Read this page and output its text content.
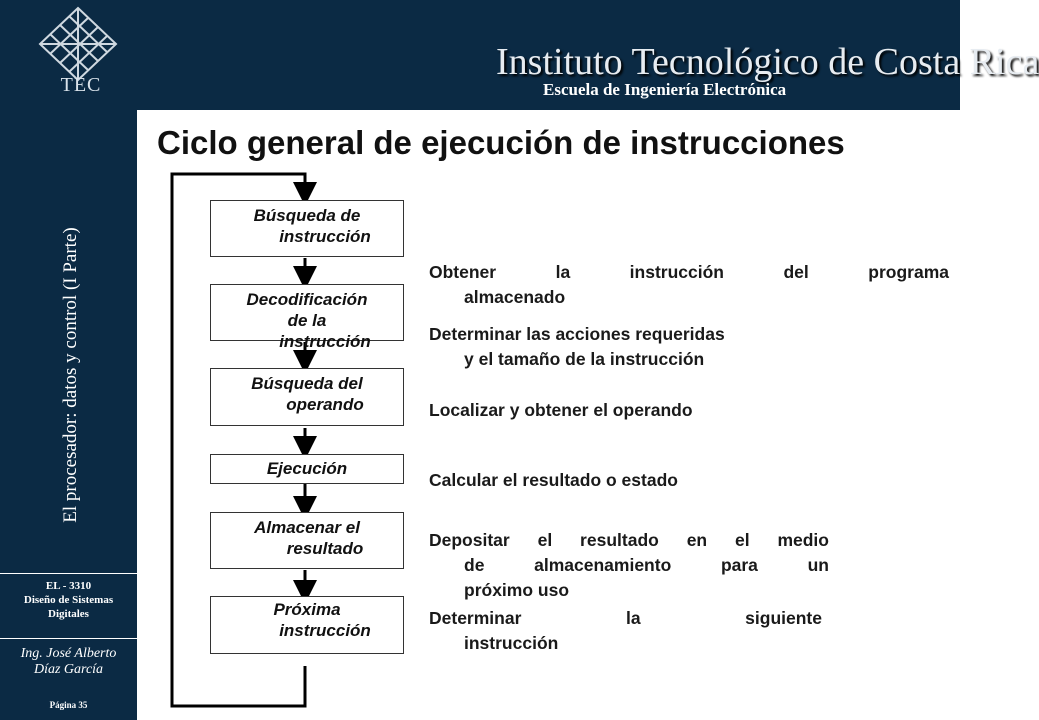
TEC
Instituto Tecnológico de Costa Rica
Escuela de Ingeniería Electrónica
El procesador: datos y control (I Parte)
EL - 3310
Diseño de Sistemas
Digitales
Ing. José Alberto
Díaz García
Página 35
Ciclo general de ejecución de instrucciones
Búsqueda de
instrucción
Decodificación
de la
instrucción
Búsqueda del
operando
Ejecución
Almacenar el
resultado
Próxima
instrucción
Obtener la instrucción del programa
almacenado
Determinar las acciones requeridas
y el tamaño de la instrucción
Localizar y obtener el operando
Calcular el resultado o estado
Depositar el resultado en el medio
de almacenamiento para un
próximo uso
Determinar la siguiente
instrucción
